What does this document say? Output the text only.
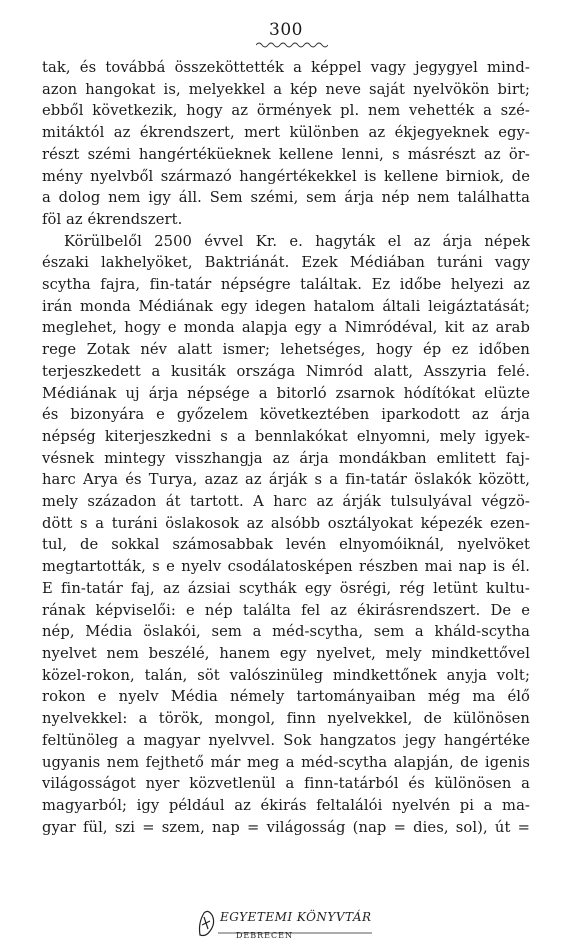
300
tak, és továbbá összeköttették a képpel vagy jegygyel mind-
azon hangokat is, melyekkel a kép neve saját nyelvökön birt;
ebből következik, hogy az örmények pl. nem vehették a szé-
mitáktól az ékrendszert, mert különben az ékjegyeknek egy-
részt szémi hangértéküeknek kellene lenni, s másrészt az ör-
mény nyelvből származó hangértékekkel is kellene birniok, de
a dolog nem igy áll. Sem szémi, sem árja nép nem találhatta
föl az ékrendszert.
Körülbelől 2500 évvel Kr. e. hagyták el az árja népek
északi lakhelyöket, Baktriánát. Ezek Médiában turáni vagy
scytha fajra, fin-tatár népségre találtak. Ez időbe helyezi az
irán monda Médiának egy idegen hatalom általi leigáztatását;
meglehet, hogy e monda alapja egy a Nimródéval, kit az arab
rege Zotak név alatt ismer; lehetséges, hogy ép ez időben
terjeszkedett a kusiták országa Nimród alatt, Asszyria felé.
Médiának uj árja népsége a bitorló zsarnok hódítókat elüzte
és bizonyára e győzelem következtében iparkodott az árja
népség kiterjeszkedni s a bennlakókat elnyomni, mely igyek-
vésnek mintegy visszhangja az árja mondákban emlitett faj-
harc Arya és Turya, azaz az árják s a fin-tatár öslakók között,
mely századon át tartott. A harc az árják tulsulyával végzö-
dött s a turáni öslakosok az alsóbb osztályokat képezék ezen-
tul, de sokkal számosabbak levén elnyomóiknál, nyelvöket
megtartották, s e nyelv csodálatosképen részben mai nap is él.
E fin-tatár faj, az ázsiai scythák egy ösrégi, rég letünt kultu-
rának képviselői: e nép találta fel az ékirásrendszert. De e
nép, Média öslakói, sem a méd-scytha, sem a kháld-scytha
nyelvet nem beszélé, hanem egy nyelvet, mely mindkettővel
közel-rokon, talán, söt valószinüleg mindkettőnek anyja volt;
rokon e nyelv Média némely tartományaiban még ma élő
nyelvekkel: a török, mongol, finn nyelvekkel, de különösen
feltünöleg a magyar nyelvvel. Sok hangzatos jegy hangértéke
ugyanis nem fejthető már meg a méd-scytha alapján, de igenis
világosságot nyer közvetlenül a finn-tatárból és különösen a
magyarból; igy például az ékirás feltalálói nyelvén pi a ma-
gyar fül, szi = szem, nap = világosság (nap = dies, sol), út =
EGYETEMI KÖNYVTÁR
DEBRECEN
